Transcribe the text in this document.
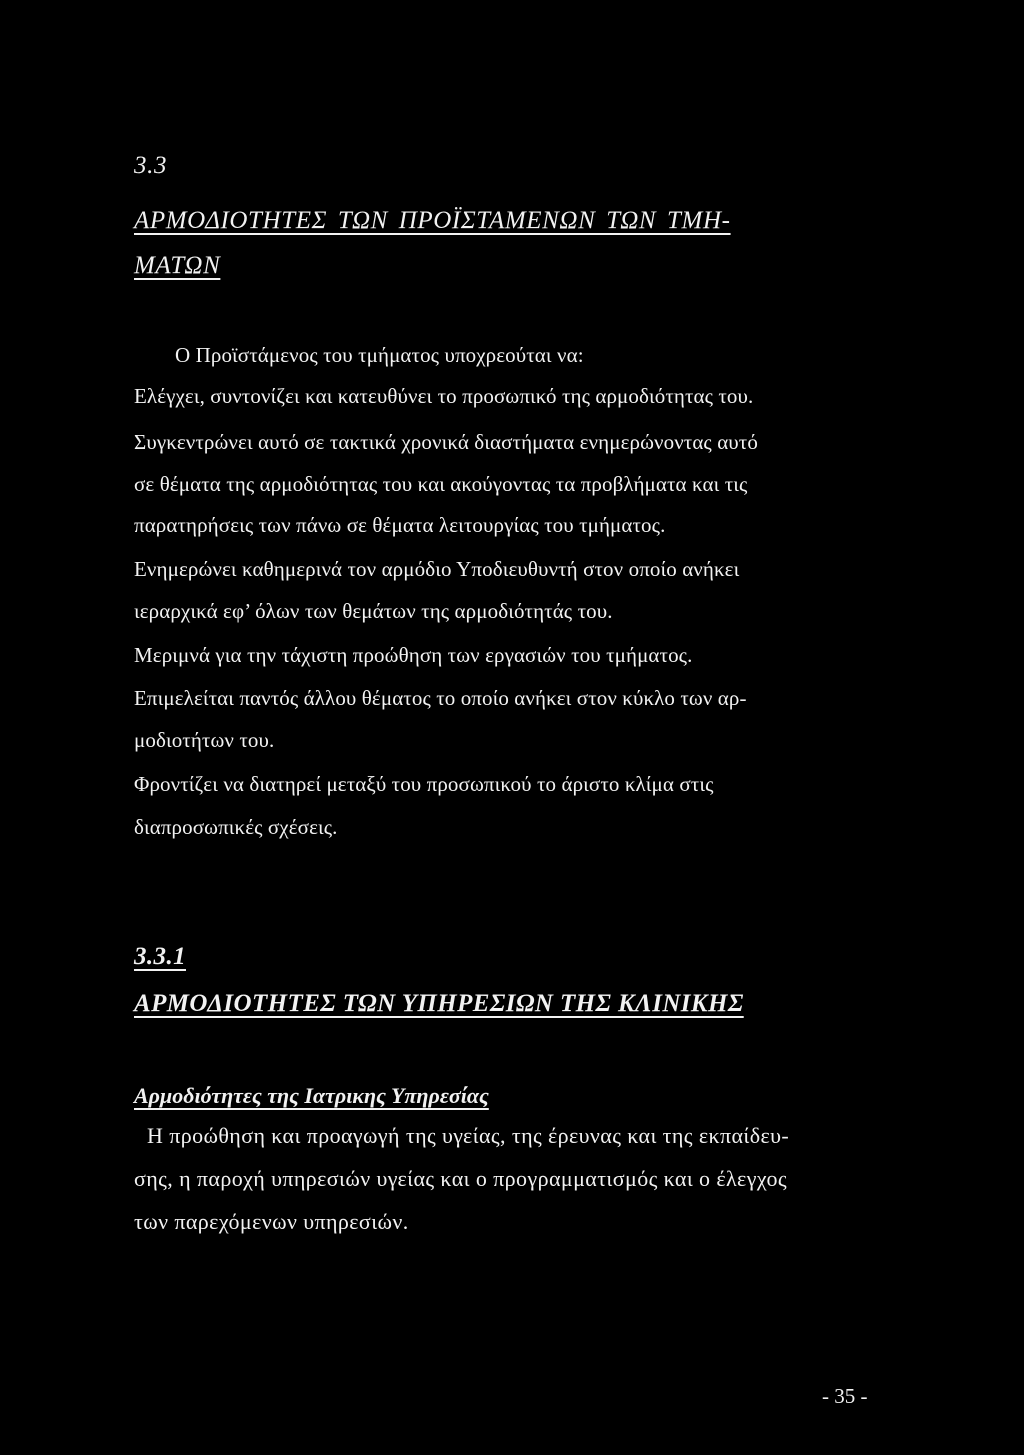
3.3
ΑΡΜΟΔΙΟΤΗΤΕΣ ΤΩΝ ΠΡΟΪΣΤΑΜΕΝΩΝ ΤΩΝ ΤΜΗ-
ΜΑΤΩΝ
Ο Προϊστάμενος του τμήματος υποχρεούται να:
Ελέγχει, συντονίζει και κατευθύνει το προσωπικό της αρμοδιότητας του.
Συγκεντρώνει αυτό σε τακτικά χρονικά διαστήματα ενημερώνοντας αυτό
σε θέματα της αρμοδιότητας του και ακούγοντας τα προβλήματα και τις
παρατηρήσεις των πάνω σε θέματα λειτουργίας του τμήματος.
Ενημερώνει καθημερινά τον αρμόδιο Υποδιευθυντή στον οποίο ανήκει
ιεραρχικά εφ’ όλων των θεμάτων της αρμοδιότητάς του.
Μεριμνά για την τάχιστη προώθηση των εργασιών του τμήματος.
Επιμελείται παντός άλλου θέματος το οποίο ανήκει στον κύκλο των αρ-
μοδιοτήτων του.
Φροντίζει να διατηρεί μεταξύ του προσωπικού το άριστο κλίμα στις
διαπροσωπικές σχέσεις.
3.3.1
ΑΡΜΟΔΙΟΤΗΤΕΣ ΤΩΝ ΥΠΗΡΕΣΙΩΝ ΤΗΣ ΚΛΙΝΙΚΗΣ
Αρμοδιότητες της Ιατρικης Υπηρεσίας
Η προώθηση και προαγωγή της υγείας, της έρευνας και της εκπαίδευ-
σης, η παροχή υπηρεσιών υγείας και ο προγραμματισμός και ο έλεγχος
των παρεχόμενων υπηρεσιών.
- 35 -
